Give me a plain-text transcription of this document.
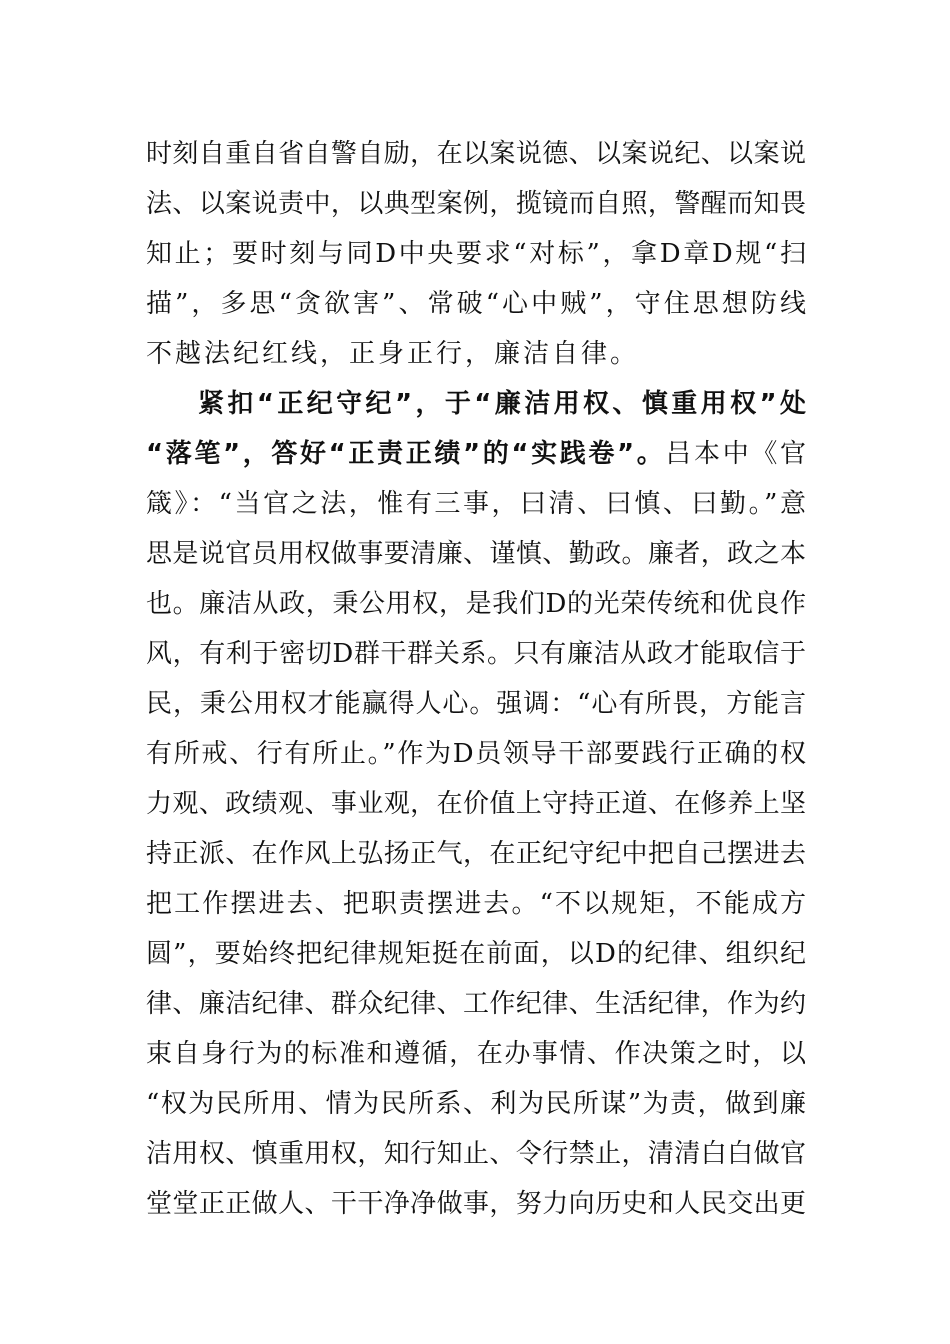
时刻自重自省自警自励，在以案说德、以案说纪、以案说
法、以案说责中，以典型案例，揽镜而自照，警醒而知畏
知止；要时刻与同D中央要求“对标”，拿D章D规“扫
描”，多思“贪欲害”、常破“心中贼”，守住思想防线
不越法纪红线，正身正行，廉洁自律。
紧扣“正纪守纪”，于“廉洁用权、慎重用权”处
“落笔”，答好“正责正绩”的“实践卷”。吕本中《官
箴》：“当官之法，惟有三事，曰清、曰慎、曰勤。”意
思是说官员用权做事要清廉、谨慎、勤政。廉者，政之本
也。廉洁从政，秉公用权，是我们D的光荣传统和优良作
风，有利于密切D群干群关系。只有廉洁从政才能取信于
民，秉公用权才能赢得人心。强调：“心有所畏，方能言
有所戒、行有所止。”作为D员领导干部要践行正确的权
力观、政绩观、事业观，在价值上守持正道、在修养上坚
持正派、在作风上弘扬正气，在正纪守纪中把自己摆进去
把工作摆进去、把职责摆进去。“不以规矩，不能成方
圆”，要始终把纪律规矩挺在前面，以D的纪律、组织纪
律、廉洁纪律、群众纪律、工作纪律、生活纪律，作为约
束自身行为的标准和遵循，在办事情、作决策之时，以
“权为民所用、情为民所系、利为民所谋”为责，做到廉
洁用权、慎重用权，知行知止、令行禁止，清清白白做官
堂堂正正做人、干干净净做事，努力向历史和人民交出更
